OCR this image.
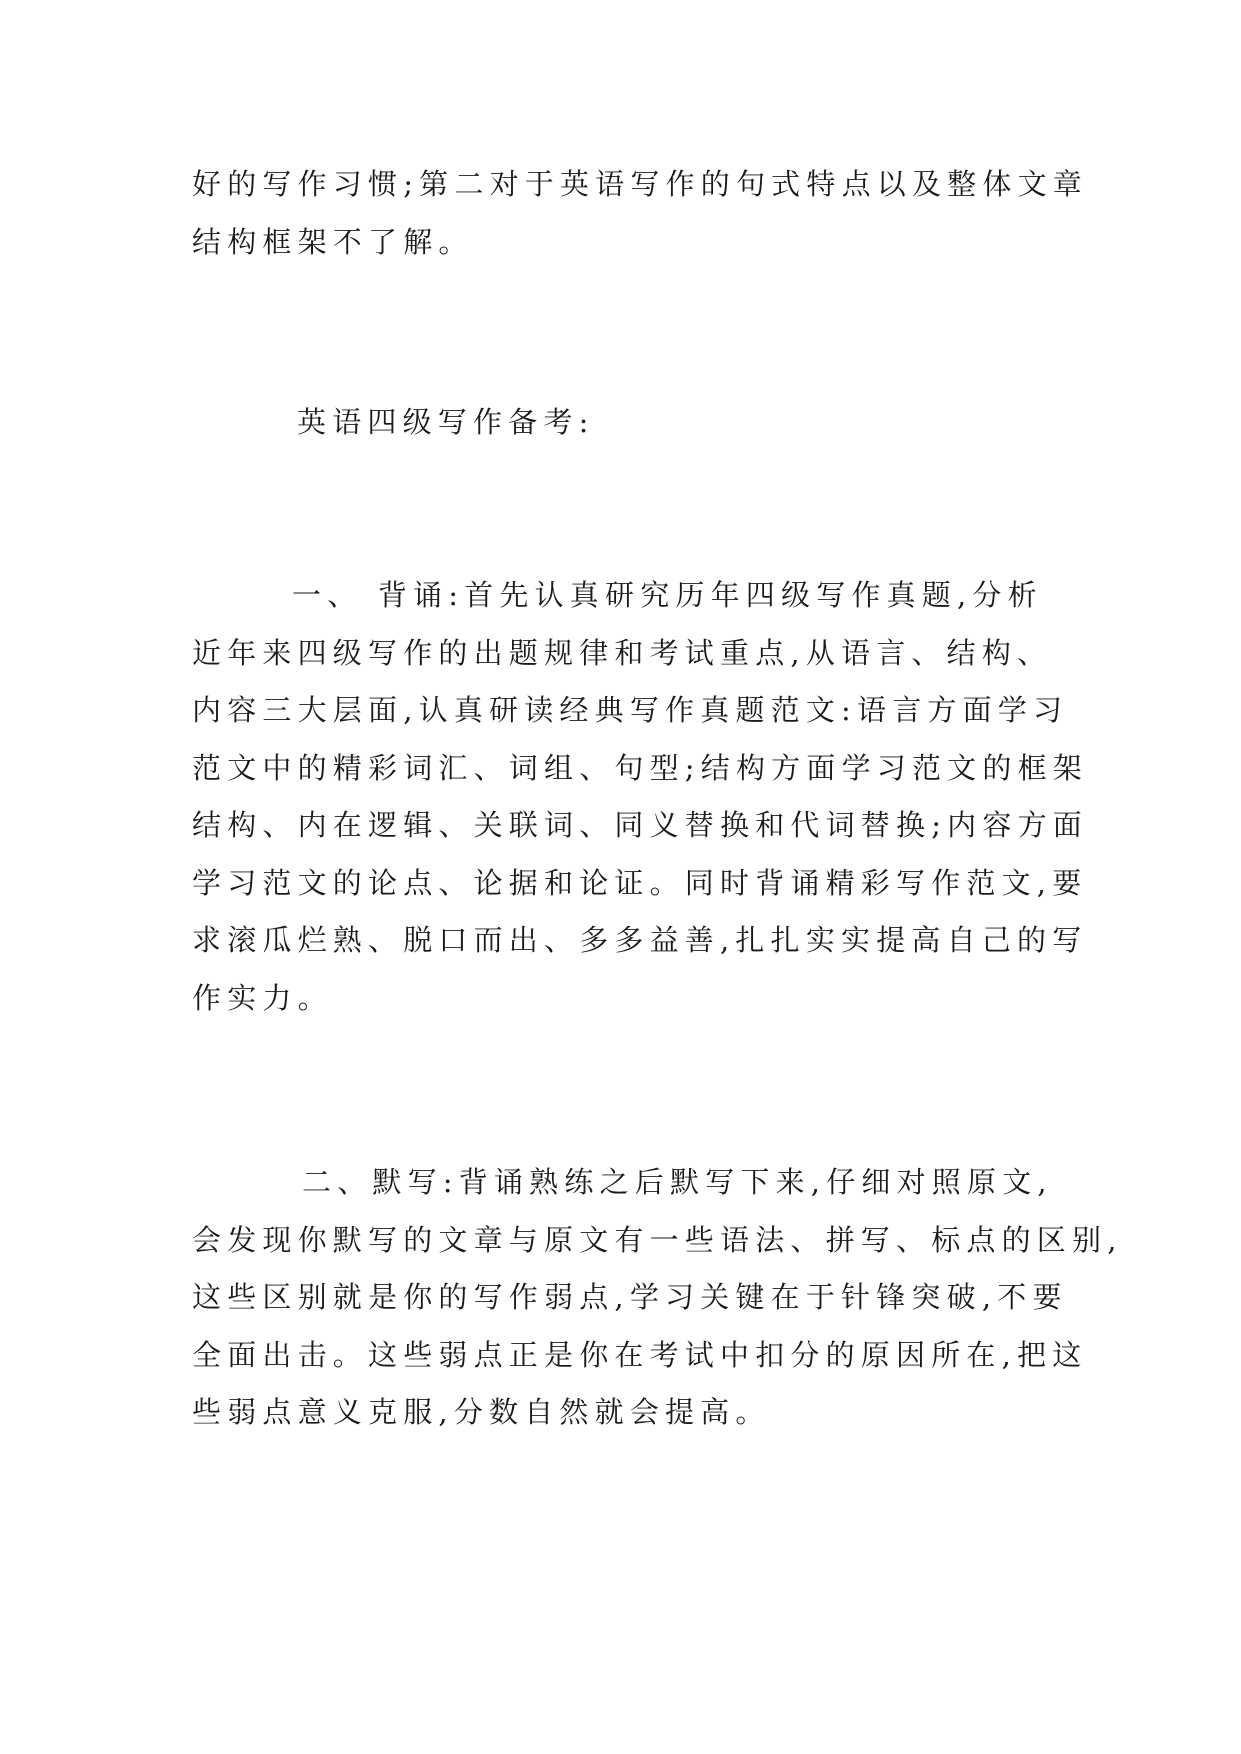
好的写作习惯;第二对于英语写作的句式特点以及整体文章
结构框架不了解。

英语四级写作备考:

一、 背诵:首先认真研究历年四级写作真题,分析
近年来四级写作的出题规律和考试重点,从语言、结构、
内容三大层面,认真研读经典写作真题范文:语言方面学习
范文中的精彩词汇、词组、句型;结构方面学习范文的框架
结构、内在逻辑、关联词、同义替换和代词替换;内容方面
学习范文的论点、论据和论证。同时背诵精彩写作范文,要
求滚瓜烂熟、脱口而出、多多益善,扎扎实实提高自己的写
作实力。

二、默写:背诵熟练之后默写下来,仔细对照原文,
会发现你默写的文章与原文有一些语法、拼写、标点的区别,
这些区别就是你的写作弱点,学习关键在于针锋突破,不要
全面出击。这些弱点正是你在考试中扣分的原因所在,把这
些弱点意义克服,分数自然就会提高。
